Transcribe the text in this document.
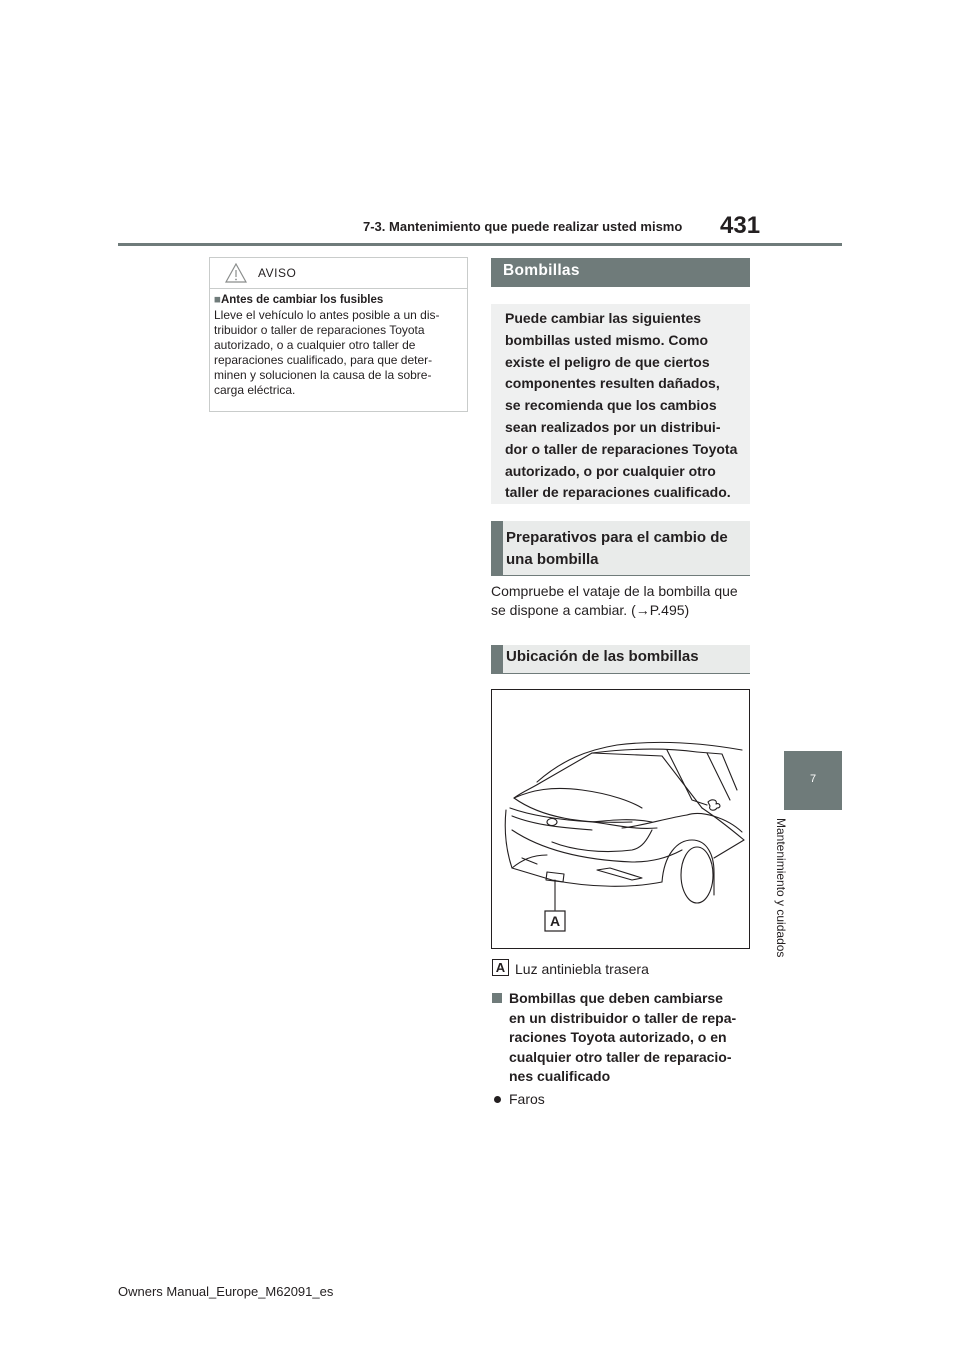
7-3. Mantenimiento que puede realizar usted mismo 431
7
Mantenimiento y cuidados
AVISO
■Antes de cambiar los fusibles
Lleve el vehículo lo antes posible a un dis-
tribuidor o taller de reparaciones Toyota
autorizado, o a cualquier otro taller de
reparaciones cualificado, para que deter-
minen y solucionen la causa de la sobre-
carga eléctrica.
Bombillas
Puede cambiar las siguientes
bombillas usted mismo. Como
existe el peligro de que ciertos
componentes resulten dañados,
se recomienda que los cambios
sean realizados por un distribui-
dor o taller de reparaciones Toyota
autorizado, o por cualquier otro
taller de reparaciones cualificado.
Preparativos para el cambio de
una bombilla
Compruebe el vataje de la bombilla que
se dispone a cambiar. (→P.495)
Ubicación de las bombillas
A
A Luz antiniebla trasera
Bombillas que deben cambiarse
en un distribuidor o taller de repa-
raciones Toyota autorizado, o en
cualquier otro taller de reparacio-
nes cualificado
Faros
Owners Manual_Europe_M62091_es
